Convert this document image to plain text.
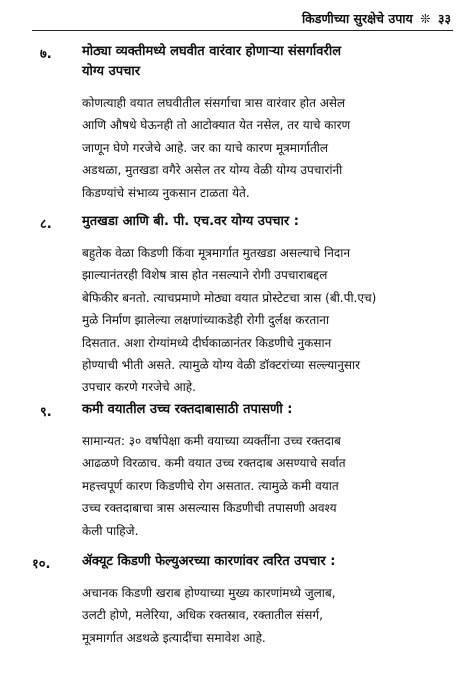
किडणीच्या सुरक्षेचे उपाय ❊ ३३
७. मोठ्या व्यक्तीमध्ये लघवीत वारंवार होणाऱ्या संसर्गावरील
योग्य उपचार
कोणत्याही वयात लघवीतील संसर्गाचा त्रास वारंवार होत असेल
आणि औषधे घेऊनही तो आटोक्यात येत नसेल, तर याचे कारण
जाणून घेणे गरजेचे आहे. जर का याचे कारण मूत्रमार्गातील
अडथळा, मुतखडा वगैरे असेल तर योग्य वेळी योग्य उपचारांनी
किडण्यांचे संभाव्य नुकसान टाळता येते.
८. मुतखडा आणि बी. पी. एच.वर योग्य उपचार :
बहुतेक वेळा किडणी किंवा मूत्रमार्गात मुतखडा असल्याचे निदान
झाल्यानंतरही विशेष त्रास होत नसल्याने रोगी उपचाराबद्दल
बेफिकीर बनतो. त्याचप्रमाणे मोठ्या वयात प्रोस्टेटचा त्रास (बी.पी.एच)
मुळे निर्माण झालेल्या लक्षणांच्याकडेही रोगी दुर्लक्ष करताना
दिसतात. अशा रोग्यांमध्ये दीर्घकाळानंतर किडणीचे नुकसान
होण्याची भीती असते. त्यामुळे योग्य वेळी डॉक्टरांच्या सल्ल्यानुसार
उपचार करणे गरजेचे आहे.
९. कमी वयातील उच्च रक्तदाबासाठी तपासणी :
सामान्यत: ३० वर्षापेक्षा कमी वयाच्या व्यक्तींना उच्च रक्तदाब
आढळणे विरळाच. कमी वयात उच्च रक्तदाब असण्याचे सर्वात
महत्त्वपूर्ण कारण किडणीचे रोग असतात. त्यामुळे कमी वयात
उच्च रक्तदाबाचा त्रास असल्यास किडणीची तपासणी अवश्य
केली पाहिजे.
१०. ॲक्यूट किडणी फेल्युअरच्या कारणांवर त्वरित उपचार :
अचानक किडणी खराब होण्याच्या मुख्य कारणांमध्ये जुलाब,
उलटी होणे, मलेरिया, अधिक रक्तस्राव, रक्तातील संसर्ग,
मूत्रमार्गात अडथळे इत्यादींचा समावेश आहे.
